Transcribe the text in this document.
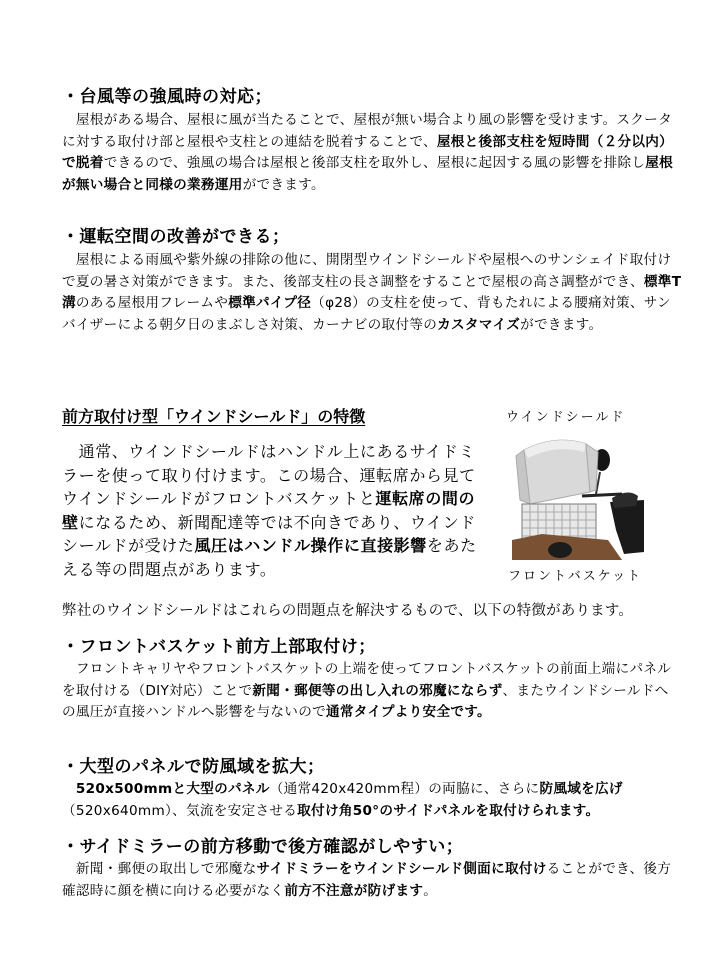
・台風等の強風時の対応；
　屋根がある場合、屋根に風が当たることで、屋根が無い場合より風の影響を受けます。スクータに対する取付け部と屋根や支柱との連結を脱着することで、屋根と後部支柱を短時間（２分以内）で脱着できるので、強風の場合は屋根と後部支柱を取外し、屋根に起因する風の影響を排除し屋根が無い場合と同様の業務運用ができます。
・運転空間の改善ができる；
　屋根による雨風や紫外線の排除の他に、開閉型ウインドシールドや屋根へのサンシェイド取付けで夏の暑さ対策ができます。また、後部支柱の長さ調整をすることで屋根の高さ調整ができ、標準T溝のある屋根用フレームや標準パイプ径（φ28）の支柱を使って、背もたれによる腰痛対策、サンバイザーによる朝夕日のまぶしさ対策、カーナビの取付等のカスタマイズができます。
前方取付け型「ウインドシールド」の特徴	ウインドシールド
フロントバスケット
　通常、ウインドシールドはハンドル上にあるサイドミラーを使って取り付けます。この場合、運転席から見てウインドシールドがフロントバスケットと運転席の間の壁になるため、新聞配達等では不向きであり、ウインドシールドが受けた風圧はハンドル操作に直接影響をあたえる等の問題点があります。
弊社のウインドシールドはこれらの問題点を解決するもので、以下の特徴があります。
・フロントバスケット前方上部取付け；
　フロントキャリヤやフロントバスケットの上端を使ってフロントバスケットの前面上端にパネルを取付ける（DIY対応）ことで新聞・郵便等の出し入れの邪魔にならず、またウインドシールドへの風圧が直接ハンドルへ影響を与ないので通常タイプより安全です。
・大型のパネルで防風域を拡大；
　520x500mmと大型のパネル（通常420x420mm程）の両脇に、さらに防風域を広げ（520x640mm）、気流を安定させる取付け角50°のサイドパネルを取付けられます。
・サイドミラーの前方移動で後方確認がしやすい；
　新聞・郵便の取出しで邪魔なサイドミラーをウインドシールド側面に取付けることができ、後方確認時に顔を横に向ける必要がなく前方不注意が防げます。
